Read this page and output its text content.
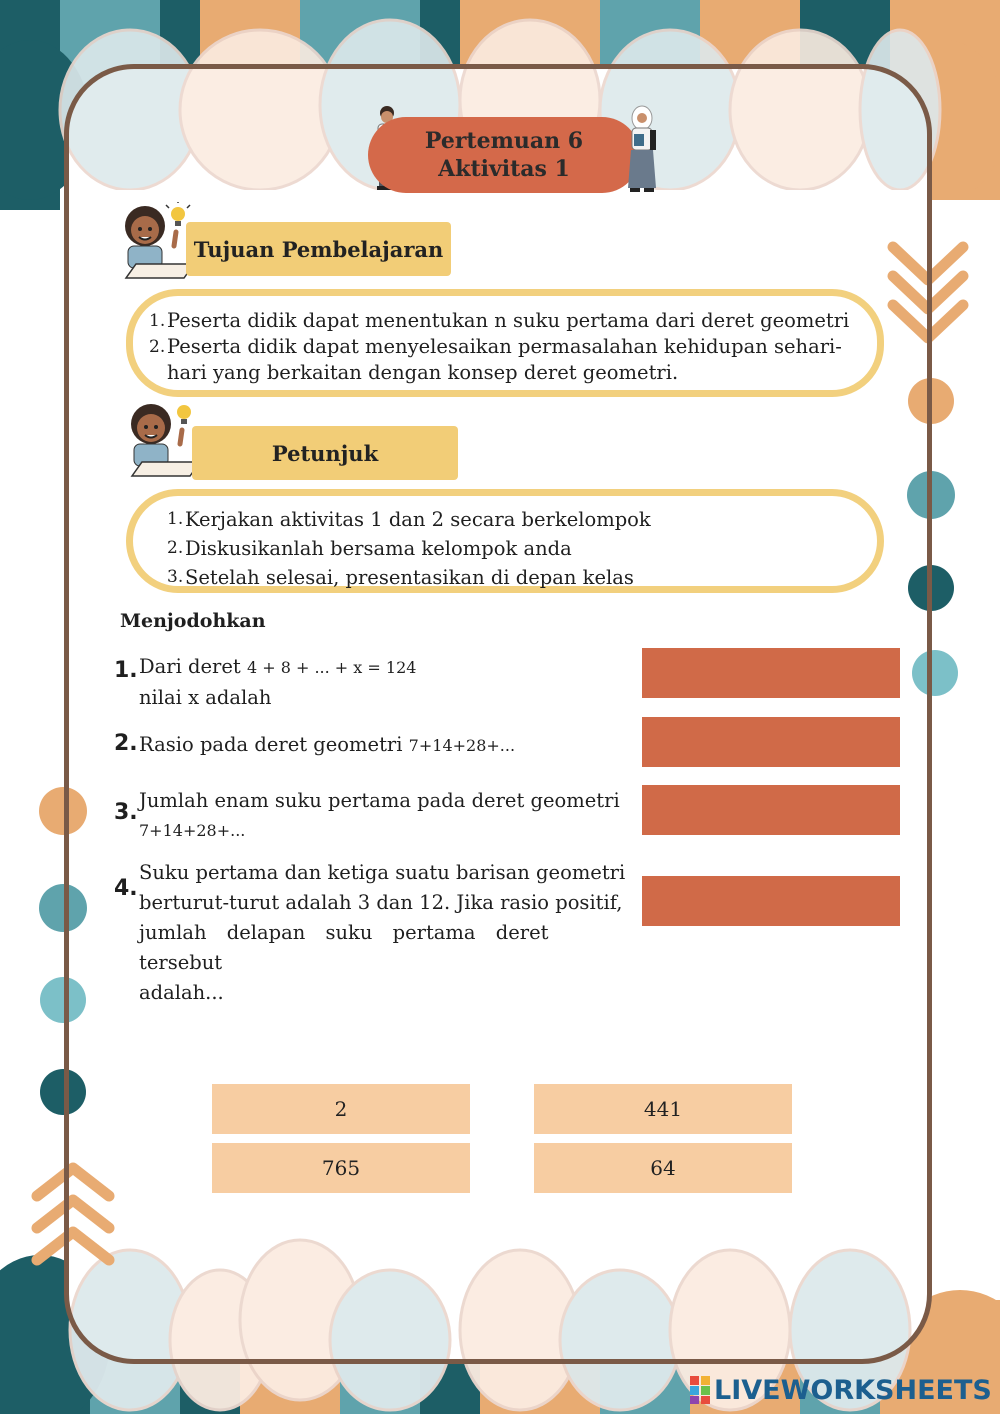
Pertemuan 6
Aktivitas 1
Tujuan Pembelajaran
1. Peserta didik dapat menentukan n suku pertama dari deret geometri
2. Peserta didik dapat menyelesaikan permasalahan kehidupan sehari-
hari yang berkaitan dengan konsep deret geometri.
Petunjuk
1. Kerjakan aktivitas 1 dan 2 secara berkelompok
2. Diskusikanlah bersama kelompok anda
3. Setelah selesai, presentasikan di depan kelas
Menjodohkan
1. Dari deret 4 + 8 + ... + x = 124
nilai x adalah
2. Rasio pada deret geometri 7+14+28+...
3. Jumlah enam suku pertama pada deret geometri
7+14+28+...
4.
Suku pertama dan ketiga suatu barisan geometri
berturut-turut adalah 3 dan 12. Jika rasio positif,
jumlah delapan suku pertama deret tersebut
adalah...
2	441
765	64
LIVEWORKSHEETS
